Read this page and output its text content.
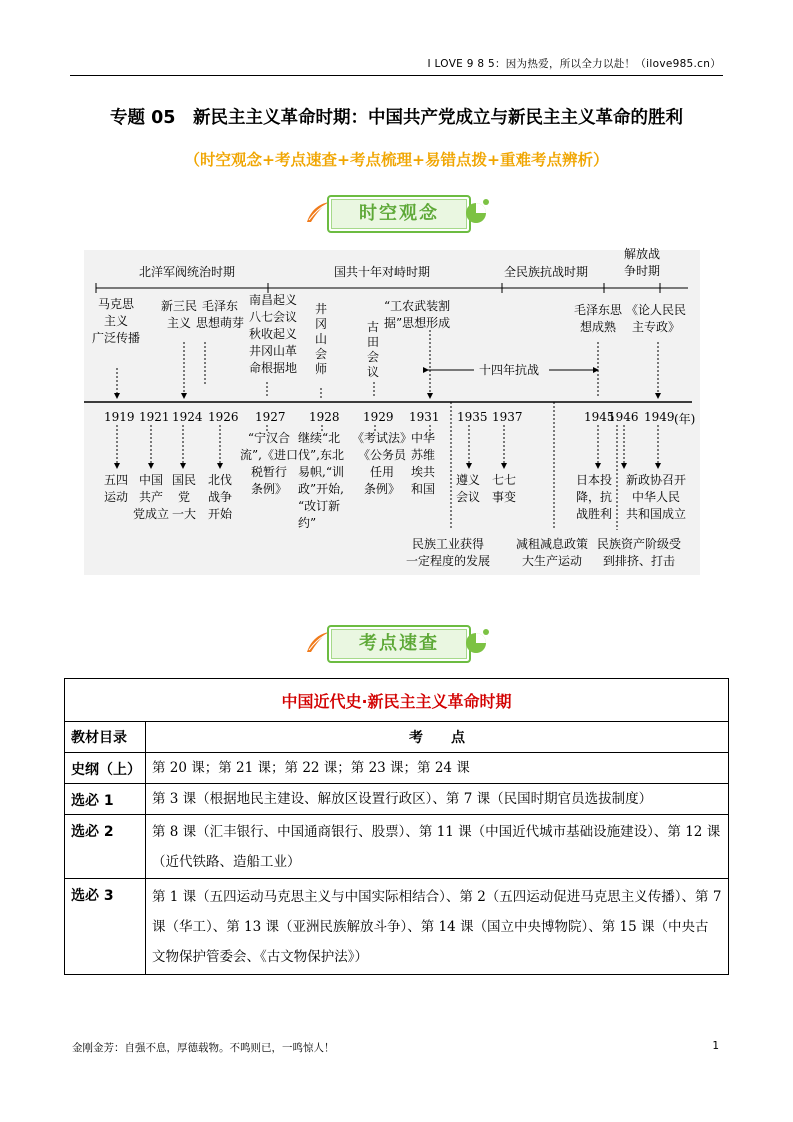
I LOVE 9 8 5：因为热爱，所以全力以赴！（ilove985.cn）
专题 05　新民主主义革命时期：中国共产党成立与新民主主义革命的胜利
（时空观念+考点速查+考点梳理+易错点拨+重难考点辨析）
时空观念
北洋军阀统治时期	国共十年对峙时期	全民族抗战时期
解放战
争时期
十四年抗战
马克思
主义
广泛传播
新三民
主义
毛泽东
思想萌芽
南昌起义
八七会议
秋收起义
井冈山革
命根据地
井
冈
山
会
师
古
田
会
议
“工农武装割
据”思想形成
毛泽东思
想成熟
《论人民民
主专政》
1919 1921 1924 1926 1927 1928 1929 1931 1935 1937	1945
1946 1949 (年)
五四
运动
中国
共产
党成立
国民
党
一大
北伐
战争
开始
“宁汉合
流”,《进口
税暂行
条例》
继续“北
伐”,东北
易帜,“训
政”开始,
“改订新
约”
《考试法》
《公务员
任用
条例》
中华
苏维
埃共
和国
遵义
会议
七七
事变
日本投
降，抗
战胜利
新政协召开
中华人民
共和国成立
民族工业获得
一定程度的发展
减租减息政策
大生产运动
民族资产阶级受
到排挤、打击
考点速查
中国近代史·新民主主义革命时期	
教材目录	考　　点
史纲（上）	第 20 课；第 21 课；第 22 课；第 23 课；第 24 课
选必 1	第 3 课（根据地民主建设、解放区设置行政区）、第 7 课（民国时期官员选拔制度）
选必 2	第 8 课（汇丰银行、中国通商银行、股票）、第 11 课（中国近代城市基础设施建设）、第 12 课（近代铁路、造船工业）
选必 3	第 1 课（五四运动马克思主义与中国实际相结合）、第 2（五四运动促进马克思主义传播）、第 7 课（华工）、第 13 课（亚洲民族解放斗争）、第 14 课（国立中央博物院）、第 15 课（中央古文物保护管委会、《古文物保护法》）
金刚金芳：自强不息，厚德载物。不鸣则已，一鸣惊人！	1
